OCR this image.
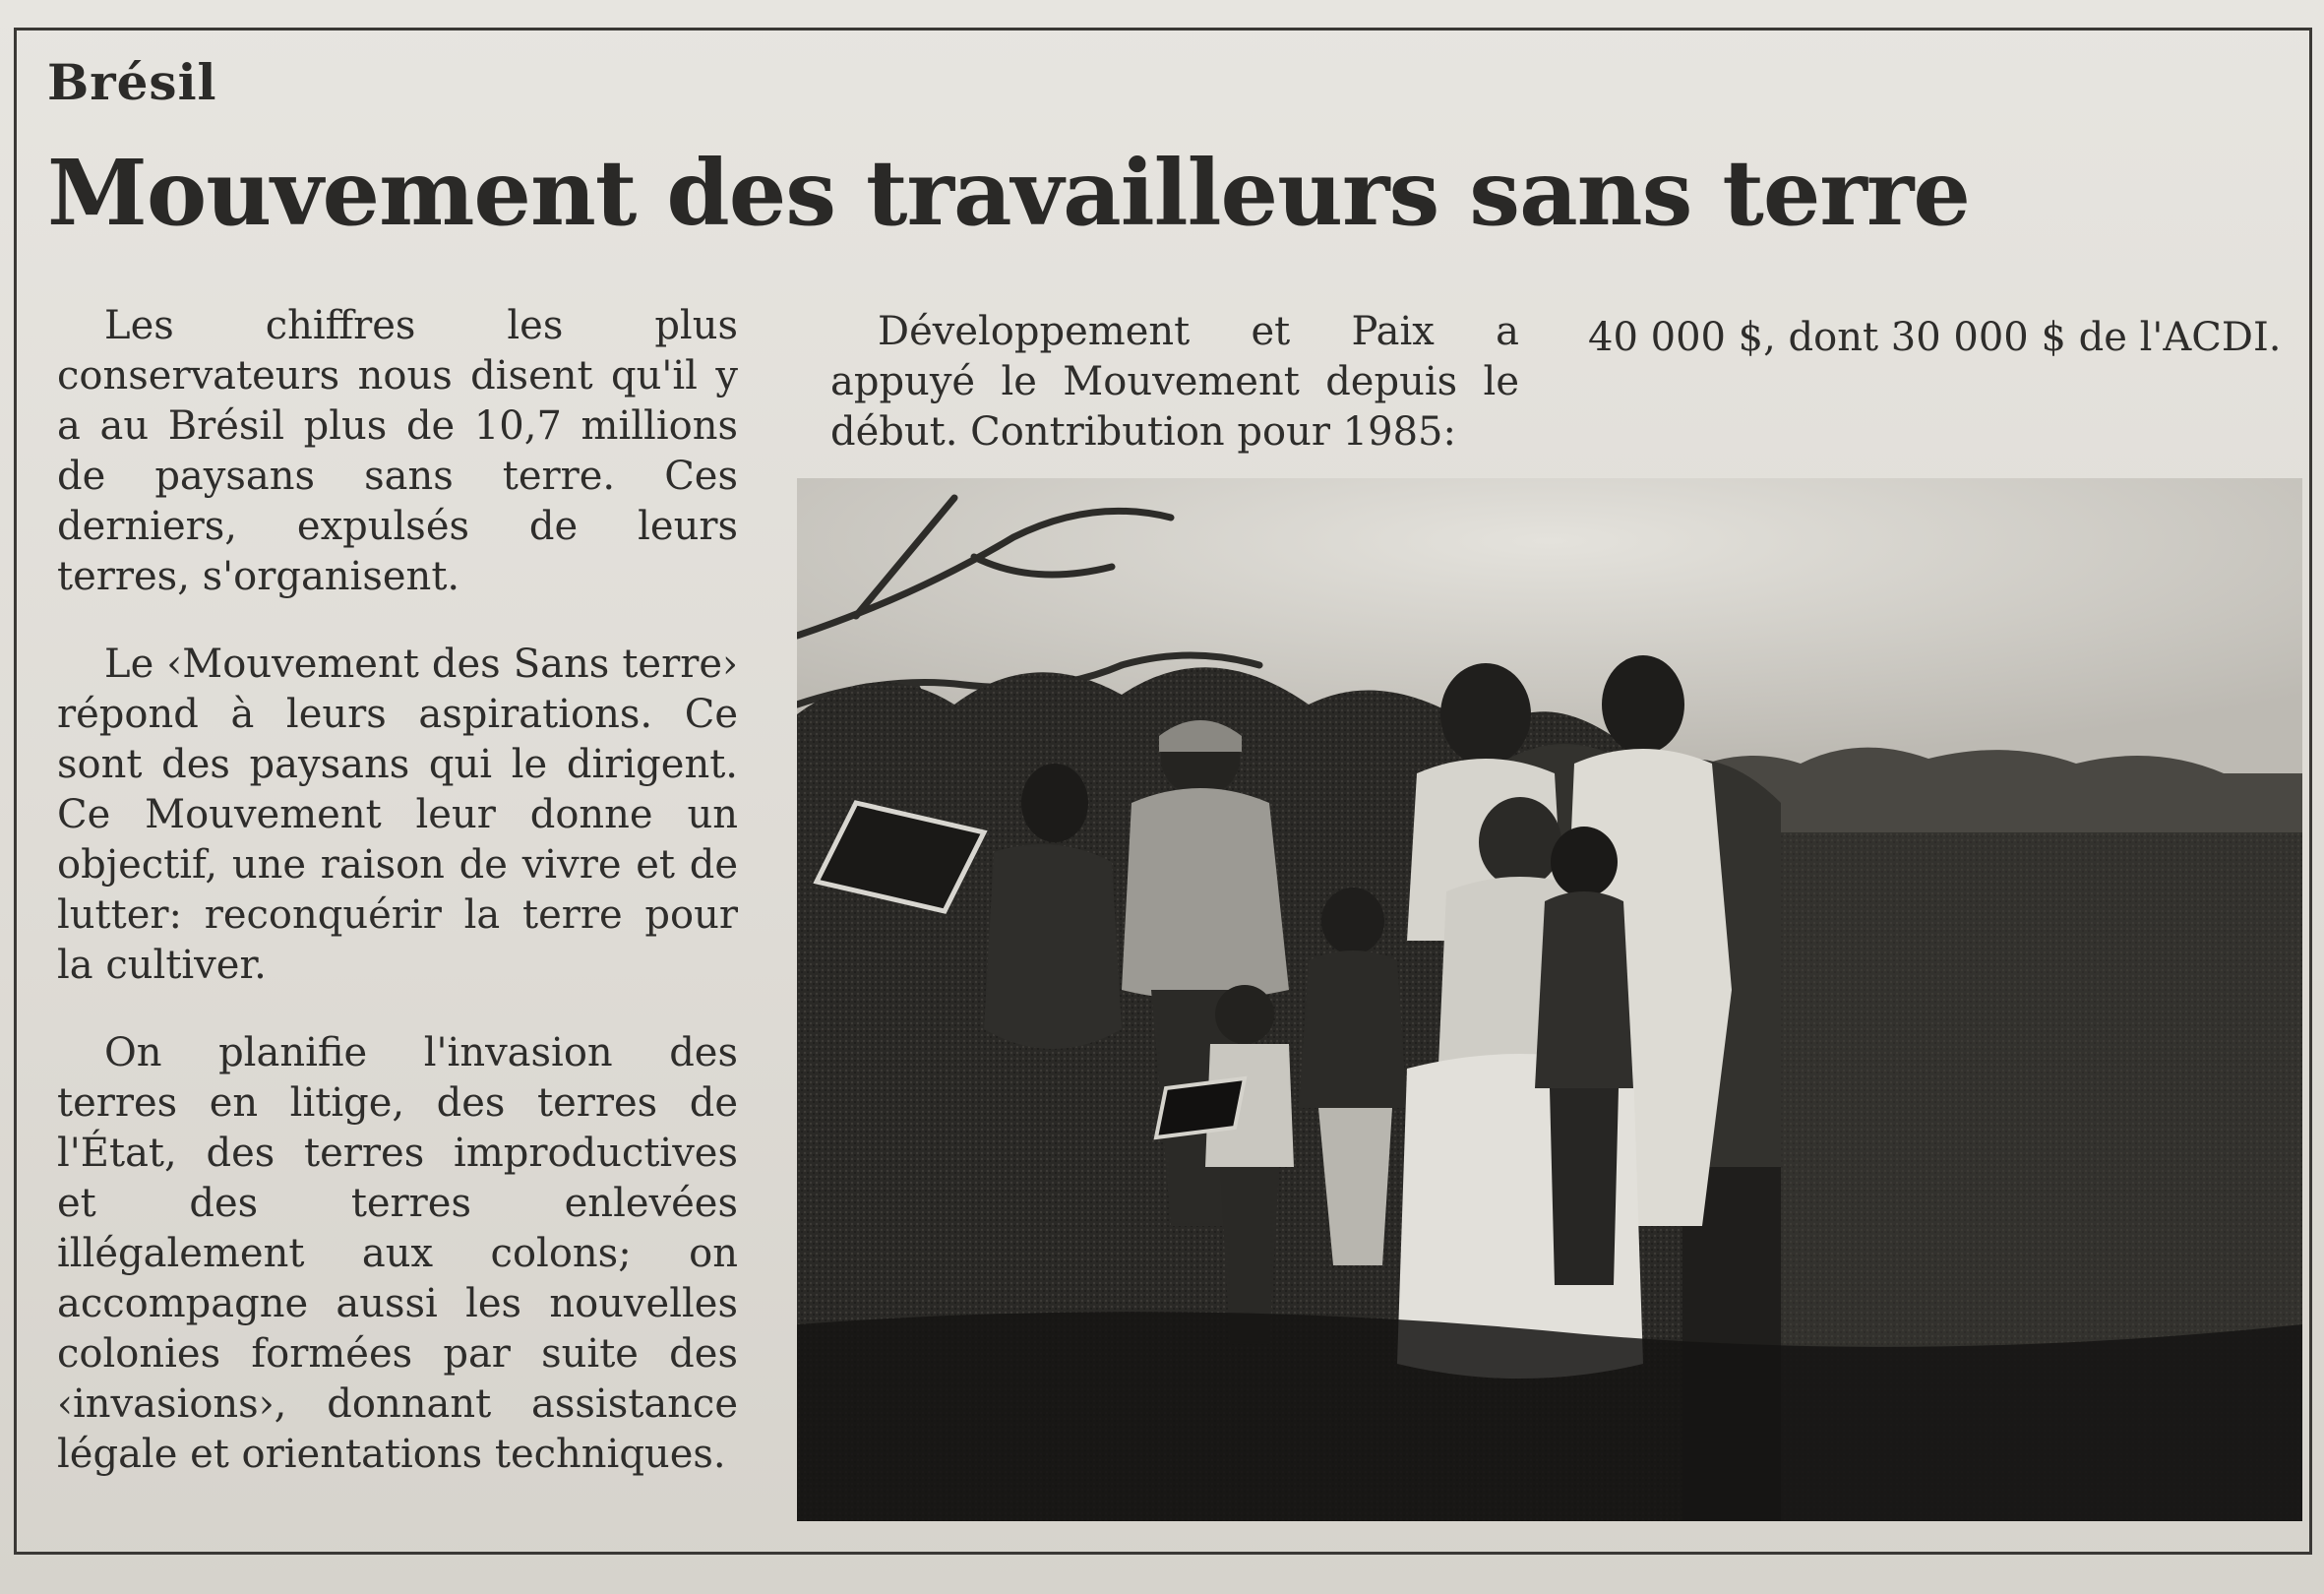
Brésil
Mouvement des travailleurs sans terre

Les chiffres les plus conservateurs nous disent qu'il y a au Brésil plus de 10,7 millions de paysans sans terre. Ces derniers, expulsés de leurs terres, s'organisent.

Le ‹Mouvement des Sans terre› répond à leurs aspirations. Ce sont des paysans qui le dirigent. Ce Mouvement leur donne un objectif, une raison de vivre et de lutter: reconquérir la terre pour la cultiver.

On planifie l'invasion des terres en litige, des terres de l'État, des terres improductives et des terres enlevées illégalement aux colons; on accompagne aussi les nouvelles colonies formées par suite des ‹invasions›, donnant assistance légale et orientations techniques.

Développement et Paix a appuyé le Mouvement depuis le début. Contribution pour 1985:

40 000 $, dont 30 000 $ de l'ACDI.
